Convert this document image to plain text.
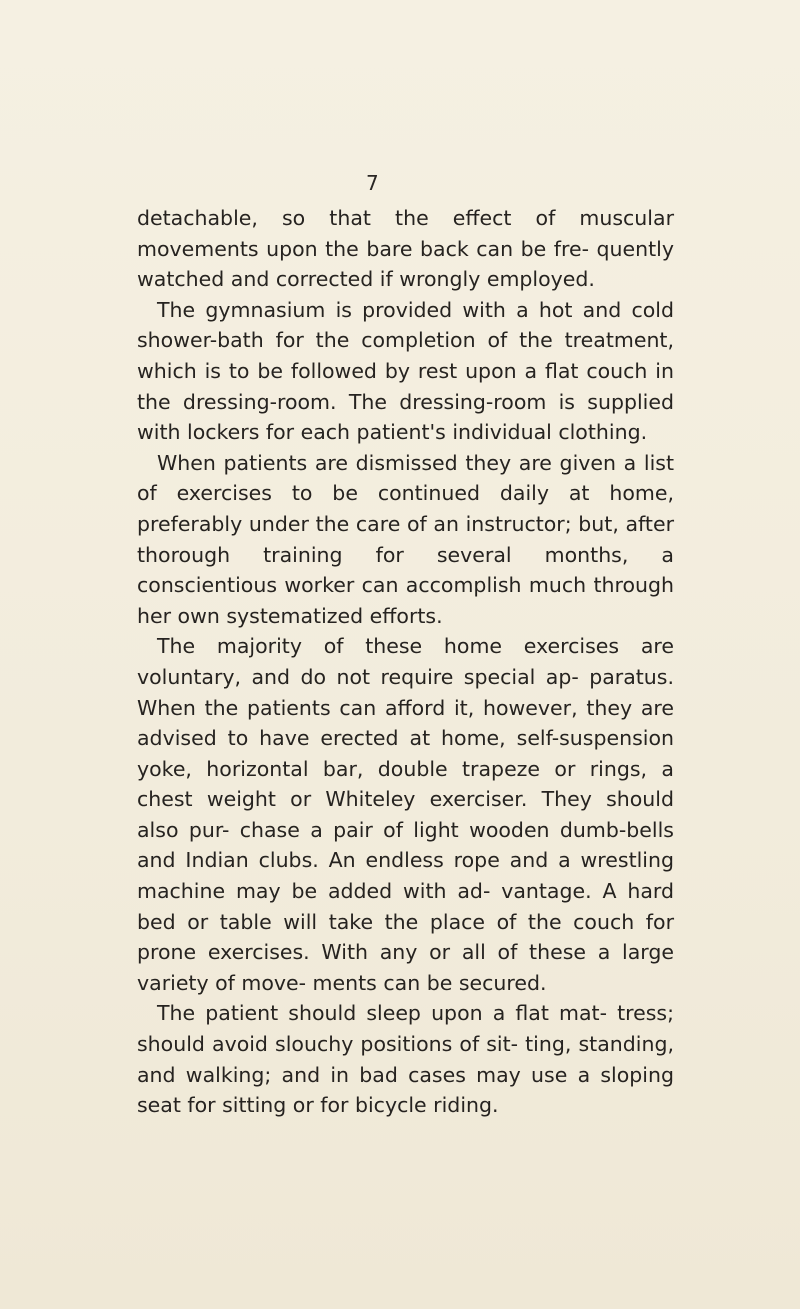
7

detachable, so that the effect of muscular movements upon the bare back can be fre- quently watched and corrected if wrongly employed.

The gymnasium is provided with a hot and cold shower-bath for the completion of the treatment, which is to be followed by rest upon a flat couch in the dressing-room. The dressing-room is supplied with lockers for each patient's individual clothing.

When patients are dismissed they are given a list of exercises to be continued daily at home, preferably under the care of an instructor; but, after thorough training for several months, a conscientious worker can accomplish much through her own systematized efforts.

The majority of these home exercises are voluntary, and do not require special ap- paratus. When the patients can afford it, however, they are advised to have erected at home, self-suspension yoke, horizontal bar, double trapeze or rings, a chest weight or Whiteley exerciser. They should also pur- chase a pair of light wooden dumb-bells and Indian clubs. An endless rope and a wrestling machine may be added with ad- vantage. A hard bed or table will take the place of the couch for prone exercises. With any or all of these a large variety of move- ments can be secured.

The patient should sleep upon a flat mat- tress; should avoid slouchy positions of sit- ting, standing, and walking; and in bad cases may use a sloping seat for sitting or for bicycle riding.
